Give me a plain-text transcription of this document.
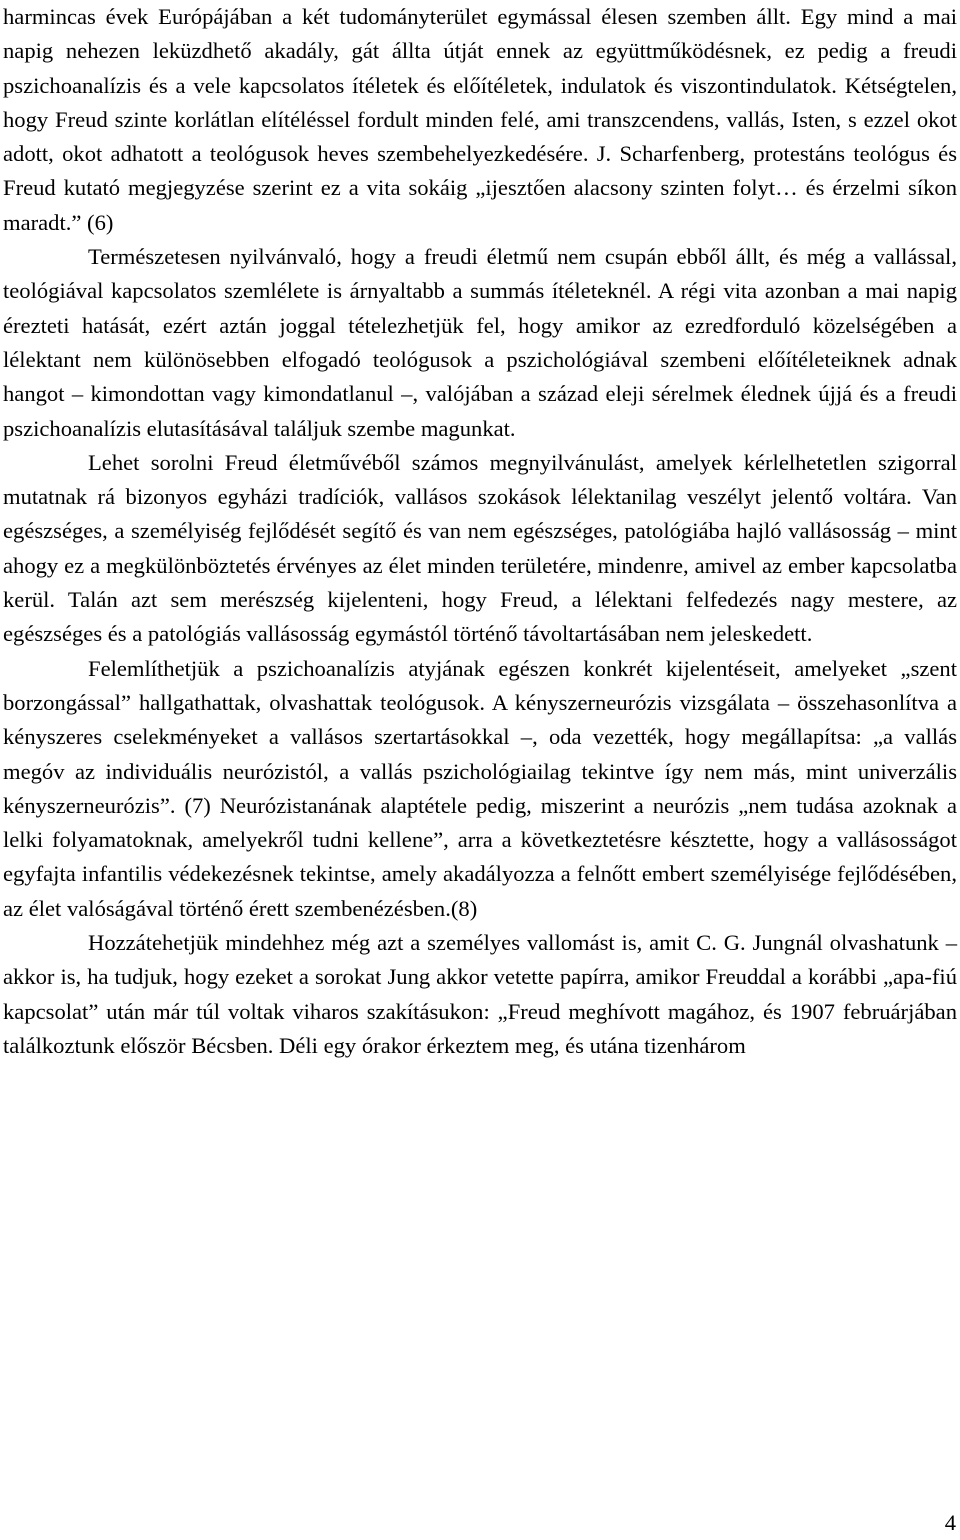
harmincas évek Európájában a két tudományterület egymással élesen szemben állt. Egy mind a mai napig nehezen leküzdhető akadály, gát állta útját ennek az együttműködésnek, ez pedig a freudi pszichoanalízis és a vele kapcsolatos ítéletek és előítéletek, indulatok és viszontindulatok. Kétségtelen, hogy Freud szinte korlátlan elítéléssel fordult minden felé, ami transzcendens, vallás, Isten, s ezzel okot adott, okot adhatott a teológusok heves szembehelyezkedésére. J. Scharfenberg, protestáns teológus és Freud kutató megjegyzése szerint ez a vita sokáig „ijesztően alacsony szinten folyt… és érzelmi síkon maradt.” (6)

Természetesen nyilvánvaló, hogy a freudi életmű nem csupán ebből állt, és még a vallással, teológiával kapcsolatos szemlélete is árnyaltabb a summás ítéleteknél. A régi vita azonban a mai napig érezteti hatását, ezért aztán joggal tételezhetjük fel, hogy amikor az ezredforduló közelségében a lélektant nem különösebben elfogadó teológusok a pszichológiával szembeni előítéleteiknek adnak hangot – kimondottan vagy kimondatlanul –, valójában a század eleji sérelmek élednek újjá és a freudi pszichoanalízis elutasításával találjuk szembe magunkat.

Lehet sorolni Freud életművéből számos megnyilvánulást, amelyek kérlelhetetlen szigorral mutatnak rá bizonyos egyházi tradíciók, vallásos szokások lélektanilag veszélyt jelentő voltára. Van egészséges, a személyiség fejlődését segítő és van nem egészséges, patológiába hajló vallásosság – mint ahogy ez a megkülönböztetés érvényes az élet minden területére, mindenre, amivel az ember kapcsolatba kerül. Talán azt sem merészség kijelenteni, hogy Freud, a lélektani felfedezés nagy mestere, az egészséges és a patológiás vallásosság egymástól történő távoltartásában nem jeleskedett.

Felemlíthetjük a pszichoanalízis atyjának egészen konkrét kijelentéseit, amelyeket „szent borzongással” hallgathattak, olvashattak teológusok. A kényszerneurózis vizsgálata – összehasonlítva a kényszeres cselekményeket a vallásos szertartásokkal –, oda vezették, hogy megállapítsa: „a vallás megóv az individuális neurózistól, a vallás pszichológiailag tekintve így nem más, mint univerzális kényszerneurózis”. (7) Neurózistanának alaptétele pedig, miszerint a neurózis „nem tudása azoknak a lelki folyamatoknak, amelyekről tudni kellene”, arra a következtetésre késztette, hogy a vallásosságot egyfajta infantilis védekezésnek tekintse, amely akadályozza a felnőtt embert személyisége fejlődésében, az élet valóságával történő érett szembenézésben.(8)

Hozzátehetjük mindehhez még azt a személyes vallomást is, amit C. G. Jungnál olvashatunk – akkor is, ha tudjuk, hogy ezeket a sorokat Jung akkor vetette papírra, amikor Freuddal a korábbi „apa-fiú kapcsolat” után már túl voltak viharos szakításukon: „Freud meghívott magához, és 1907 februárjában találkoztunk először Bécsben. Déli egy órakor érkeztem meg, és utána tizenhárom

4
